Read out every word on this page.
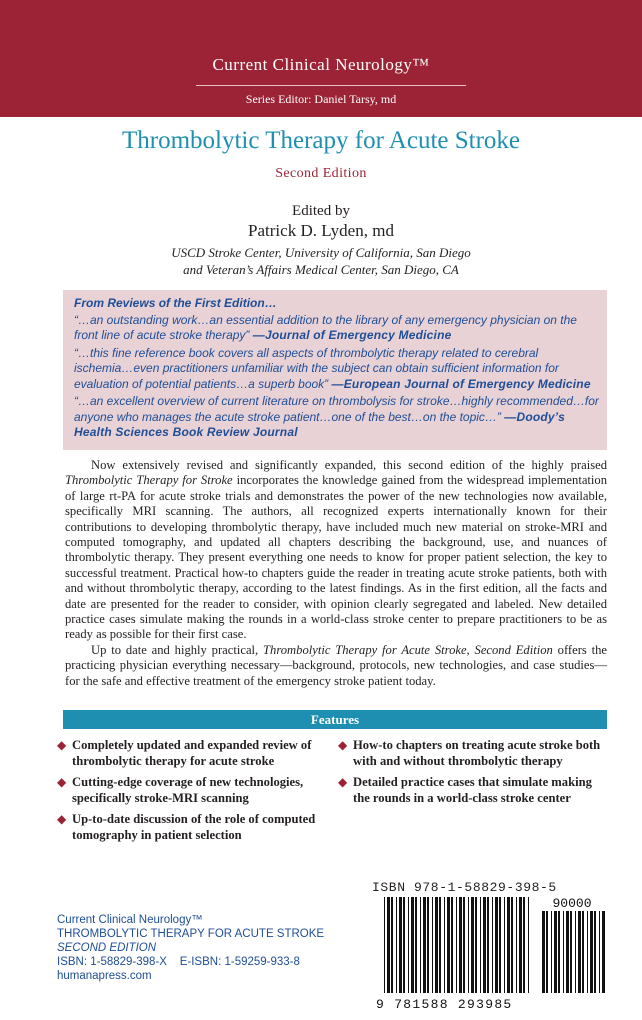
Current Clinical Neurology™
Series Editor: Daniel Tarsy, md
Thrombolytic Therapy for Acute Stroke
Second Edition
Edited by
Patrick D. Lyden, md
USCD Stroke Center, University of California, San Diego
and Veteran’s Affairs Medical Center, San Diego, CA
From Reviews of the First Edition…

“…an outstanding work…an essential addition to the library of any emergency physician on the front line of acute stroke therapy” —Journal of Emergency Medicine

“…this fine reference book covers all aspects of thrombolytic therapy related to cerebral ischemia…even practitioners unfamiliar with the subject can obtain sufficient information for evaluation of potential patients…a superb book” —European Journal of Emergency Medicine

“…an excellent overview of current literature on thrombolysis for stroke…highly recommended…for anyone who manages the acute stroke patient…one of the best…on the topic…” —Doody’s Health Sciences Book Review Journal

Now extensively revised and significantly expanded, this second edition of the highly praised Thrombolytic Therapy for Stroke incorporates the knowledge gained from the widespread implementation of large rt-PA for acute stroke trials and demonstrates the power of the new technologies now available, specifically MRI scanning. The authors, all recognized experts internationally known for their contributions to developing thrombolytic therapy, have included much new material on stroke-MRI and computed tomography, and updated all chapters describing the background, use, and nuances of thrombolytic therapy. They present everything one needs to know for proper patient selection, the key to successful treatment. Practical how-to chapters guide the reader in treating acute stroke patients, both with and without thrombolytic therapy, according to the latest findings. As in the first edition, all the facts and date are presented for the reader to consider, with opinion clearly segregated and labeled. New detailed practice cases simulate making the rounds in a world-class stroke center to prepare practitioners to be as ready as possible for their first case.

Up to date and highly practical, Thrombolytic Therapy for Acute Stroke, Second Edition offers the practicing physician everything necessary—background, protocols, new technologies, and case studies—for the safe and effective treatment of the emergency stroke patient today.

Features
◆ Completely updated and expanded review of thrombolytic therapy for acute stroke
◆ Cutting-edge coverage of new technologies, specifically stroke-MRI scanning
◆ Up-to-date discussion of the role of computed tomography in patient selection
◆ How-to chapters on treating acute stroke both with and without thrombolytic therapy
◆ Detailed practice cases that simulate making the rounds in a world-class stroke center
ISBN 978-1-58829-398-5
90000
9 781588 293985
Current Clinical Neurology™
THROMBOLYTIC THERAPY FOR ACUTE STROKE
SECOND EDITION
ISBN: 1-58829-398-X    E-ISBN: 1-59259-933-8
humanapress.com
